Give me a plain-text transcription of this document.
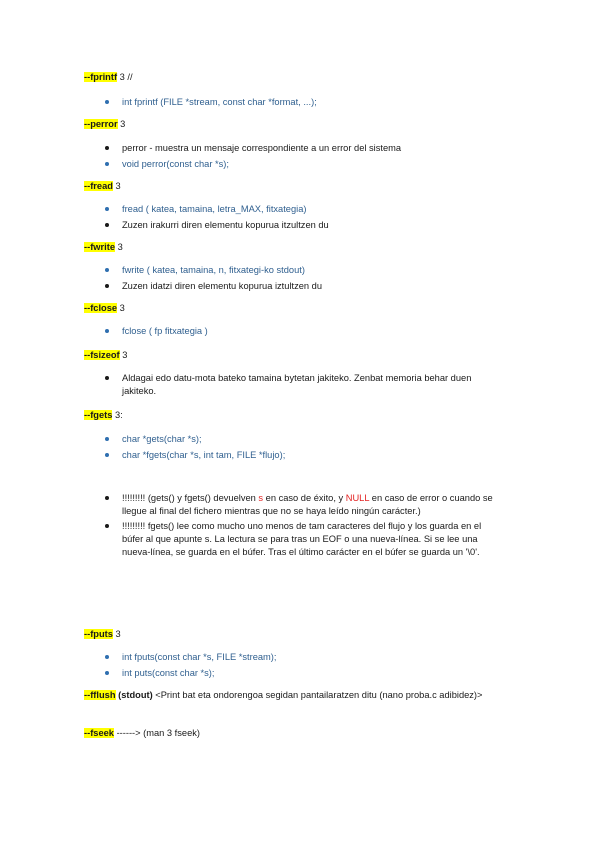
--fprintf 3 //
int fprintf (FILE *stream, const char *format, ...);
--perror 3
perror - muestra un mensaje correspondiente a un error del sistema
void perror(const char *s);
--fread 3
fread ( katea, tamaina, letra_MAX, fitxategia)
Zuzen irakurri diren elementu kopurua itzultzen du
--fwrite 3
fwrite ( katea, tamaina, n, fitxategi-ko stdout)
Zuzen idatzi diren elementu kopurua iztultzen du
--fclose 3
fclose ( fp fitxategia )
--fsizeof 3
Aldagai edo datu-mota bateko tamaina bytetan jakiteko. Zenbat memoria behar duen jakiteko.
--fgets 3:
char *gets(char *s);
char *fgets(char *s, int tam, FILE *flujo);
!!!!!!!!! (gets() y fgets() devuelven s en caso de éxito, y NULL en caso de error o cuando se llegue al final del fichero mientras que no se haya leído ningún carácter.)
!!!!!!!!! fgets() lee como mucho uno menos de tam caracteres del flujo y los guarda en el búfer al que apunte s. La lectura se para tras un EOF o una nueva-línea. Si se lee una nueva-línea, se guarda en el búfer. Tras el último carácter en el búfer se guarda un '\0'.
--fputs 3
int fputs(const char *s, FILE *stream);
int puts(const char *s);
--fflush (stdout) <Print bat eta ondorengoa segidan pantailaratzen ditu (nano proba.c adibidez)>
--fseek ------> (man 3 fseek)
